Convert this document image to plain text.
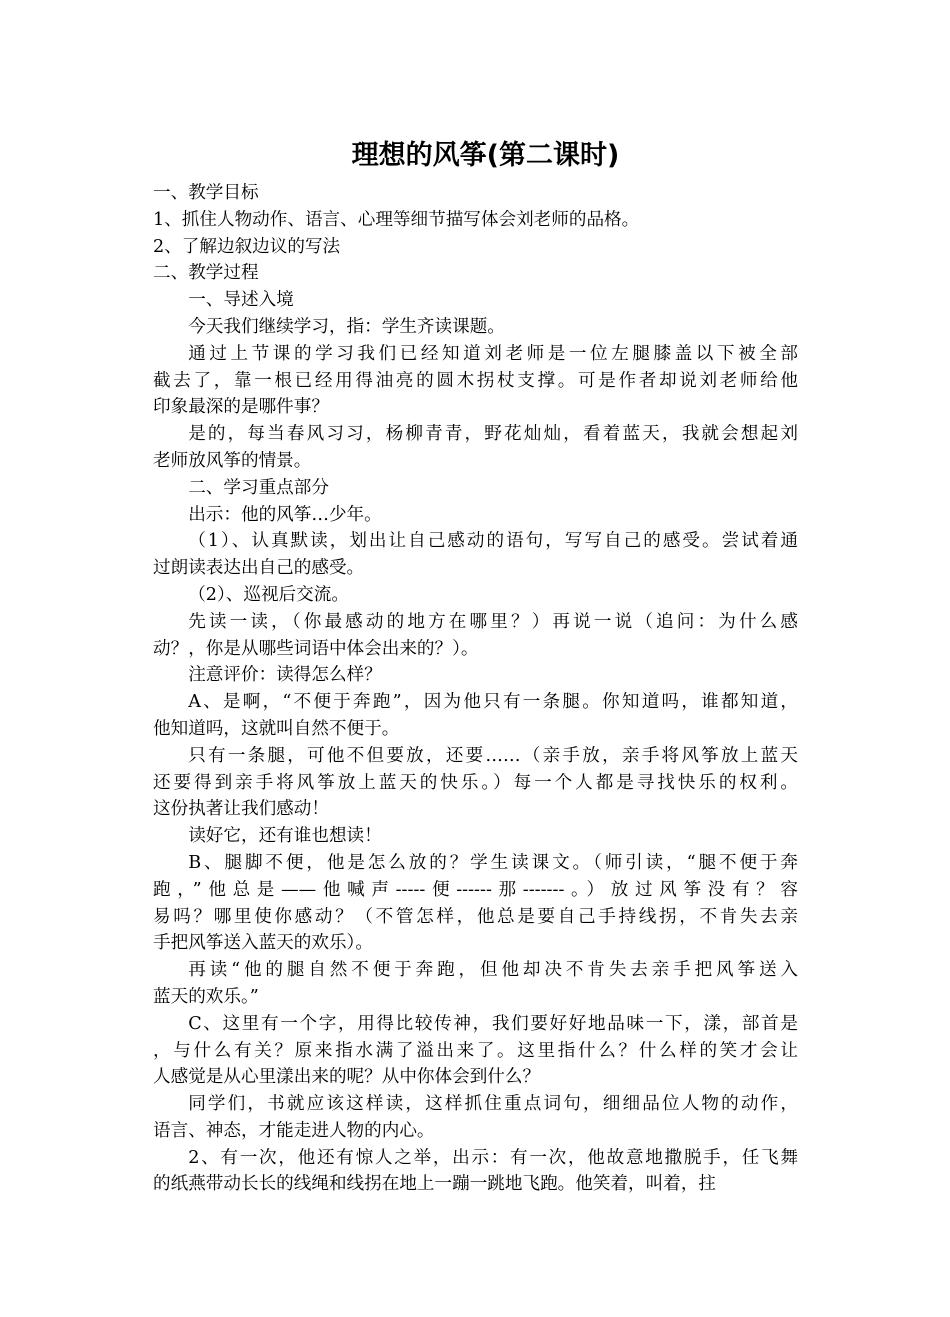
理想的风筝(第二课时)
一、教学目标
1、抓住人物动作、语言、心理等细节描写体会刘老师的品格。
2、了解边叙边议的写法
二、教学过程
一、导述入境
今天我们继续学习，指：学生齐读课题。
通过上节课的学习我们已经知道刘老师是一位左腿膝盖以下被全部
截去了，靠一根已经用得油亮的圆木拐杖支撑。可是作者却说刘老师给他
印象最深的是哪件事？
是的，每当春风习习，杨柳青青，野花灿灿，看着蓝天，我就会想起刘
老师放风筝的情景。
二、学习重点部分
出示：他的风筝…少年。
（1）、认真默读，划出让自己感动的语句，写写自己的感受。尝试着通
过朗读表达出自己的感受。
（2）、巡视后交流。
先读一读，（你最感动的地方在哪里？）再说一说（追问：为什么感
动？，你是从哪些词语中体会出来的？）。
注意评价：读得怎么样？
A、是啊，“不便于奔跑”，因为他只有一条腿。你知道吗，谁都知道，
他知道吗，这就叫自然不便于。
只有一条腿，可他不但要放，还要……（亲手放，亲手将风筝放上蓝天
还要得到亲手将风筝放上蓝天的快乐。）每一个人都是寻找快乐的权利。
这份执著让我们感动！
读好它，还有谁也想读！
B、腿脚不便，他是怎么放的？学生读课文。（师引读，“腿不便于奔
跑，”他总是——他喊声-----便------那-------。）放过风筝没有？容
易吗？哪里使你感动？（不管怎样，他总是要自己手持线拐，不肯失去亲
手把风筝送入蓝天的欢乐）。
再读“他的腿自然不便于奔跑，但他却决不肯失去亲手把风筝送入
蓝天的欢乐。”
C、这里有一个字，用得比较传神，我们要好好地品味一下，漾，部首是
，与什么有关？原来指水满了溢出来了。这里指什么？什么样的笑才会让
人感觉是从心里漾出来的呢？从中你体会到什么？
同学们，书就应该这样读，这样抓住重点词句，细细品位人物的动作，
语言、神态，才能走进人物的内心。
2、有一次，他还有惊人之举，出示：有一次，他故意地撒脱手，任飞舞
的纸燕带动长长的线绳和线拐在地上一蹦一跳地飞跑。他笑着，叫着，拄
